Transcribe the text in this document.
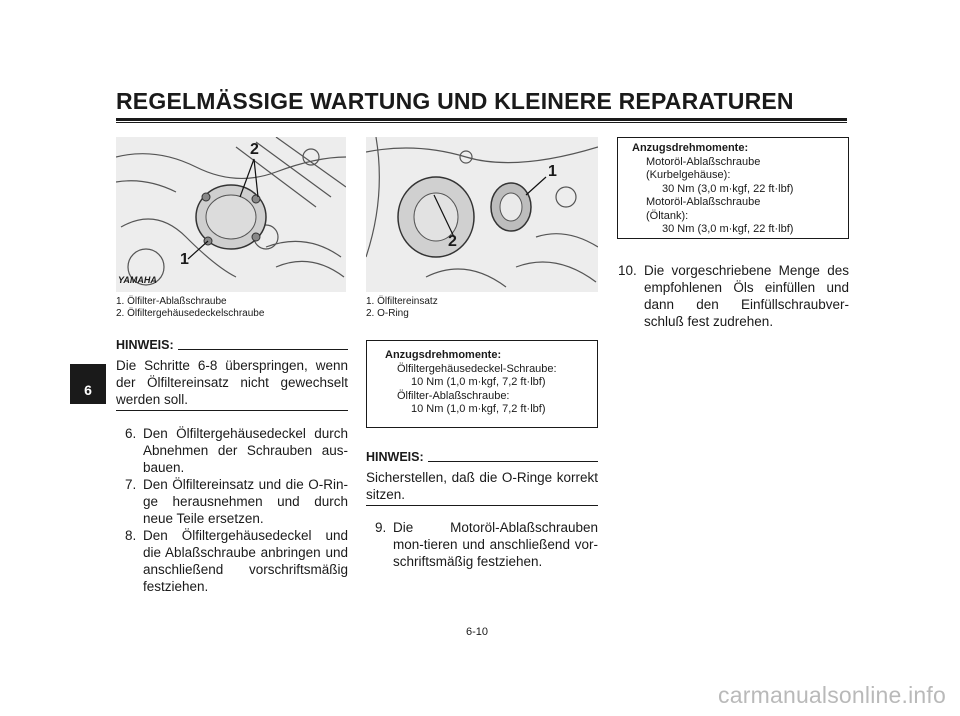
REGELMÄSSIGE WARTUNG UND KLEINERE REPARATUREN
6
2
1
YAMAHA
1. Ölfilter-Ablaßschraube
2. Ölfiltergehäusedeckelschraube
1
2
1. Ölfiltereinsatz
2. O-Ring
HINWEIS:
Die Schritte 6-8 überspringen, wenn der Ölfiltereinsatz nicht gewechselt werden soll.
6. Den Ölfiltergehäusedeckel durch Abnehmen der Schrauben aus-bauen.
7. Den Ölfiltereinsatz und die O-Rin-ge herausnehmen und durch neue Teile ersetzen.
8. Den Ölfiltergehäusedeckel und die Ablaßschraube anbringen und anschließend vorschriftsmäßig festziehen.
Anzugsdrehmomente:
Ölfiltergehäusedeckel-Schraube:
10 Nm (1,0 m·kgf, 7,2 ft·lbf)
Ölfilter-Ablaßschraube:
10 Nm (1,0 m·kgf, 7,2 ft·lbf)
HINWEIS:
Sicherstellen, daß die O-Ringe korrekt sitzen.
9. Die Motoröl-Ablaßschrauben mon-tieren und anschließend vor-schriftsmäßig festziehen.
Anzugsdrehmomente:
Motoröl-Ablaßschraube
(Kurbelgehäuse):
30 Nm (3,0 m·kgf, 22 ft·lbf)
Motoröl-Ablaßschraube
(Öltank):
30 Nm (3,0 m·kgf, 22 ft·lbf)
10. Die vorgeschriebene Menge des empfohlenen Öls einfüllen und dann den Einfüllschraubver-schluß fest zudrehen.
6-10
carmanualsonline.info
